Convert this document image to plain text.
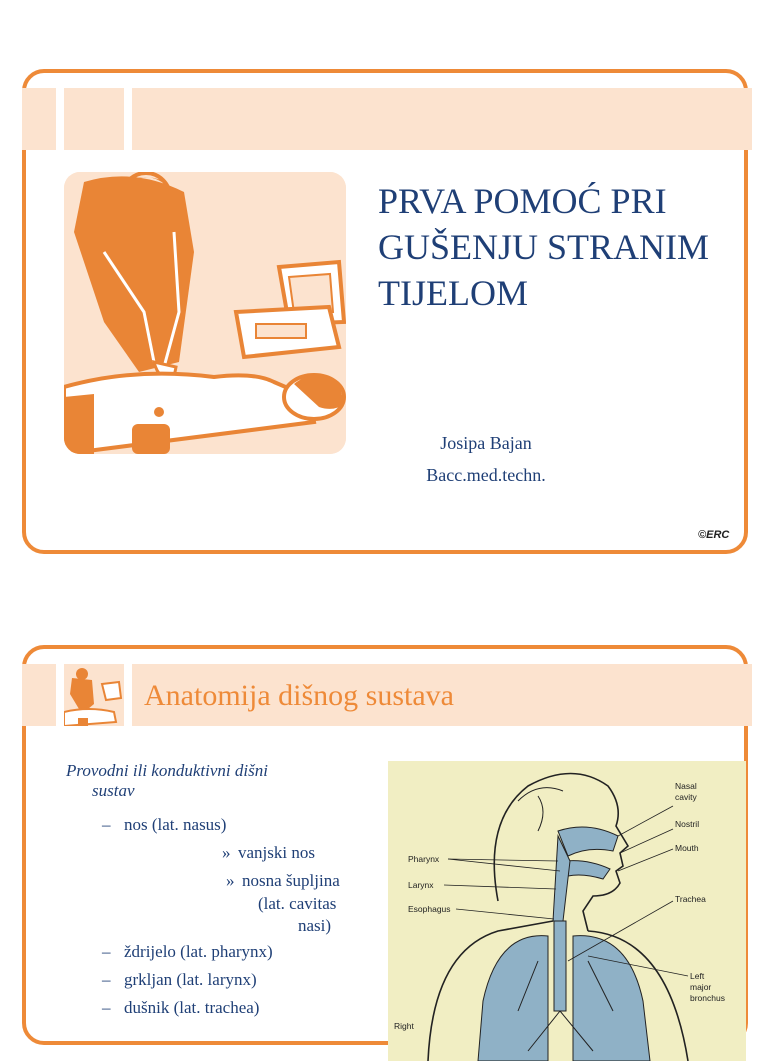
PRVA POMOĆ PRI
GUŠENJU STRANIM
TIJELOM
Josipa Bajan
Bacc.med.techn.
©ERC
Anatomija dišnog sustava
Provodni ili konduktivni dišni
sustav
– nos (lat. nasus)
» vanjski nos
» nosna šupljina
(lat. cavitas
nasi)
– ždrijelo (lat. pharynx)
– grkljan (lat. larynx)
– dušnik (lat. trachea)
Nasal
cavity
Nostril
Mouth
Pharynx
Larynx
Esophagus
Trachea
Left
major
bronchus
Right
